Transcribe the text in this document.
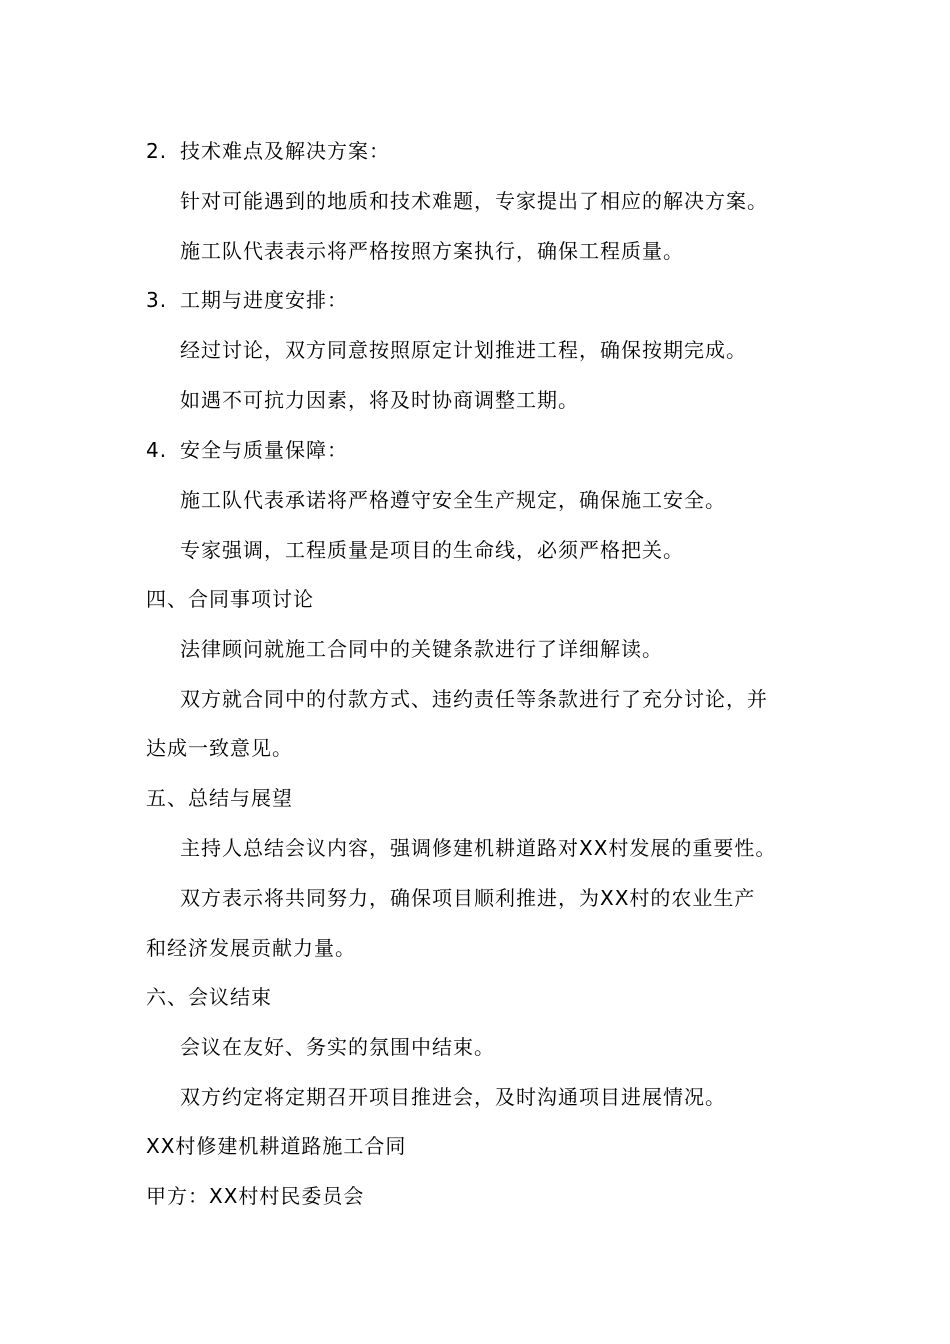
2. 技术难点及解决方案：
针对可能遇到的地质和技术难题，专家提出了相应的解决方案。
施工队代表表示将严格按照方案执行，确保工程质量。
3. 工期与进度安排：
经过讨论，双方同意按照原定计划推进工程，确保按期完成。
如遇不可抗力因素，将及时协商调整工期。
4. 安全与质量保障：
施工队代表承诺将严格遵守安全生产规定，确保施工安全。
专家强调，工程质量是项目的生命线，必须严格把关。
四、合同事项讨论
法律顾问就施工合同中的关键条款进行了详细解读。
双方就合同中的付款方式、违约责任等条款进行了充分讨论，并
达成一致意见。
五、总结与展望
主持人总结会议内容，强调修建机耕道路对XX村发展的重要性。
双方表示将共同努力，确保项目顺利推进，为XX村的农业生产
和经济发展贡献力量。
六、会议结束
会议在友好、务实的氛围中结束。
双方约定将定期召开项目推进会，及时沟通项目进展情况。
XX村修建机耕道路施工合同
甲方：XX村村民委员会
